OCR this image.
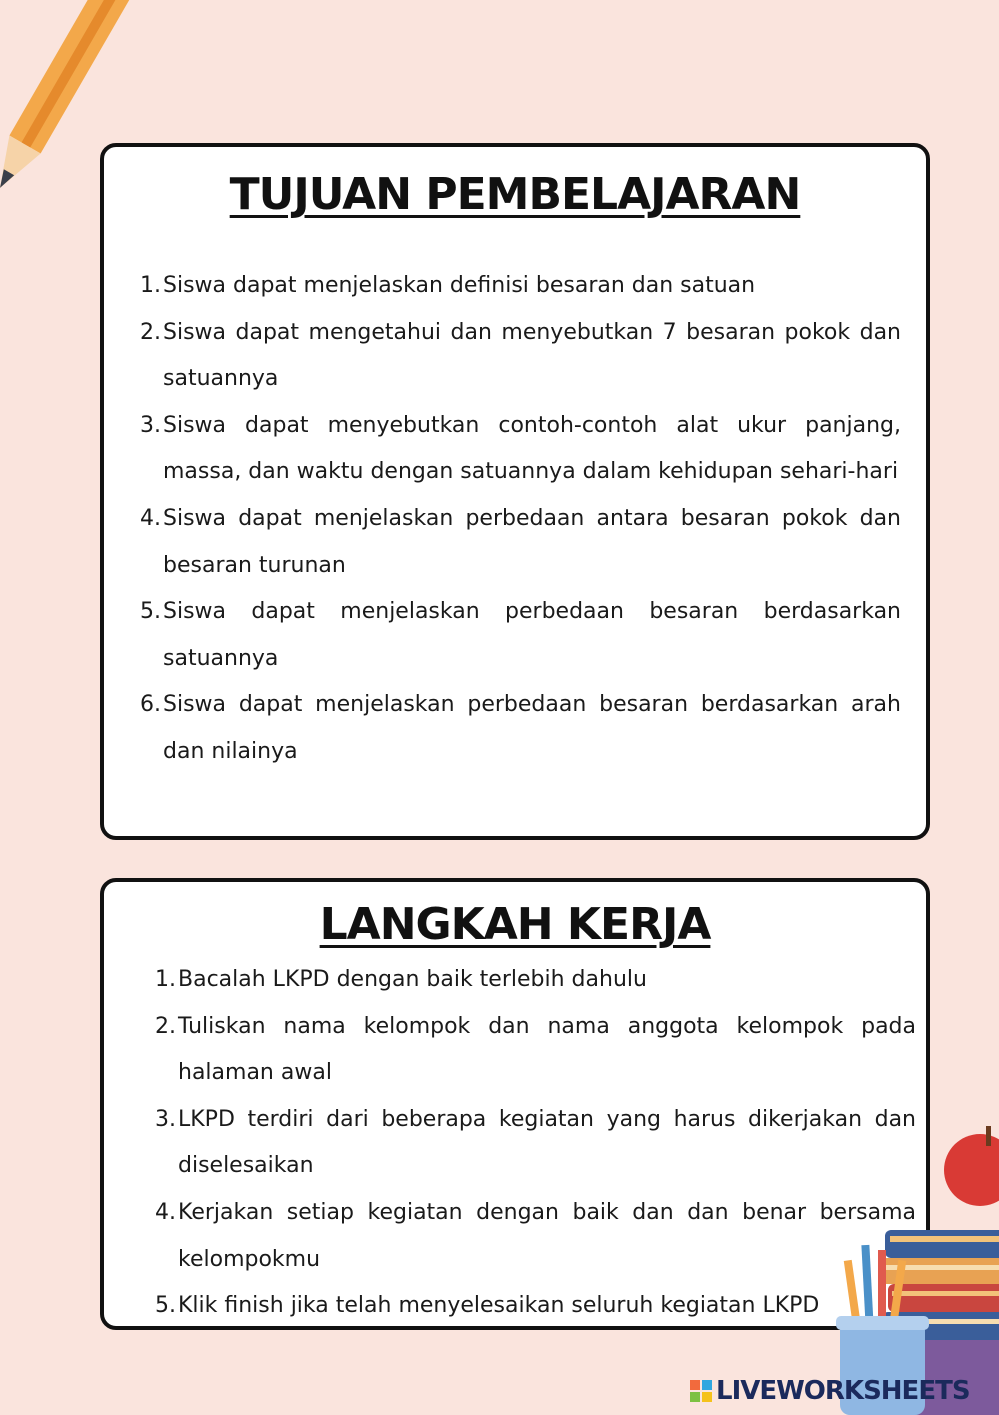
TUJUAN PEMBELAJARAN
1. Siswa dapat menjelaskan definisi besaran dan satuan
2. Siswa dapat mengetahui dan menyebutkan 7 besaran pokok dan satuannya
3. Siswa dapat menyebutkan contoh-contoh alat ukur panjang, massa, dan waktu dengan satuannya dalam kehidupan sehari-hari
4. Siswa dapat menjelaskan perbedaan antara besaran pokok dan besaran turunan
5. Siswa dapat menjelaskan perbedaan besaran berdasarkan satuannya
6. Siswa dapat menjelaskan perbedaan besaran berdasarkan arah dan nilainya
LANGKAH KERJA
1. Bacalah LKPD dengan baik terlebih dahulu
2. Tuliskan nama kelompok dan nama anggota kelompok pada halaman awal
3. LKPD terdiri dari beberapa kegiatan yang harus dikerjakan dan diselesaikan
4. Kerjakan setiap kegiatan dengan baik dan dan benar bersama kelompokmu
5. Klik finish jika telah menyelesaikan seluruh kegiatan LKPD
LIVEWORKSHEETS
